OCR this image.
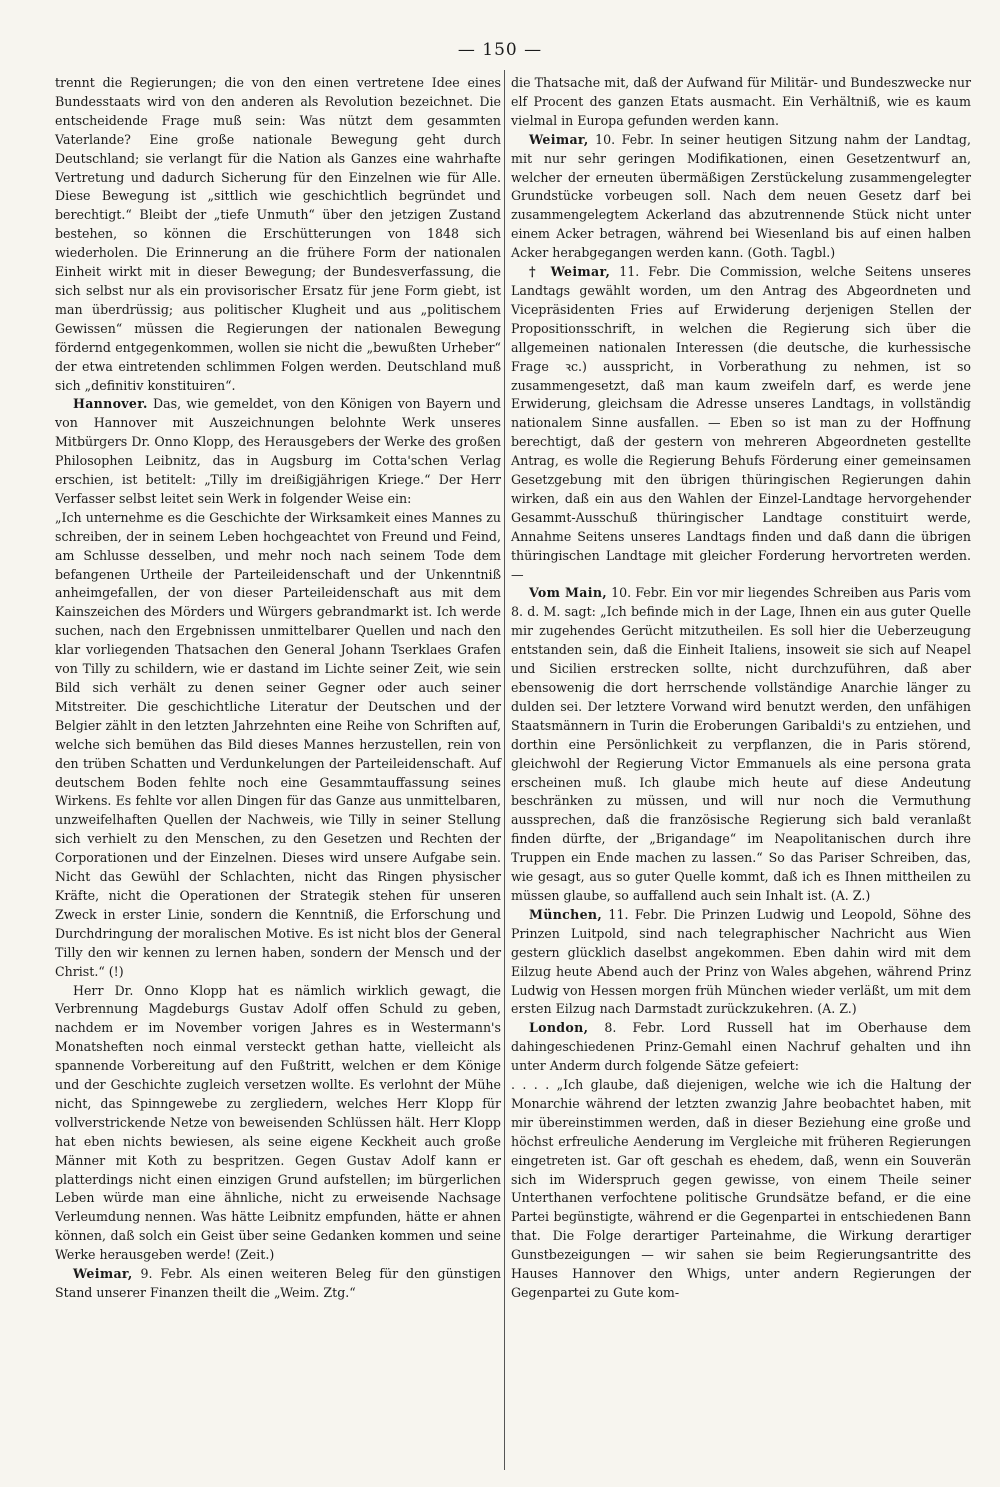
— 150 —

trennt die Regierungen; die von den einen vertretene Idee eines Bundesstaats wird von den anderen als Revolution bezeichnet. Die entscheidende Frage muß sein: Was nützt dem gesammten Vaterlande? Eine große nationale Bewegung geht durch Deutschland; sie verlangt für die Nation als Ganzes eine wahrhafte Vertretung und dadurch Sicherung für den Einzelnen wie für Alle. Diese Bewegung ist „sittlich wie geschichtlich begründet und berechtigt.“ Bleibt der „tiefe Unmuth“ über den jetzigen Zustand bestehen, so können die Erschütterungen von 1848 sich wiederholen. Die Erinnerung an die frühere Form der nationalen Einheit wirkt mit in dieser Bewegung; der Bundesverfassung, die sich selbst nur als ein provisorischer Ersatz für jene Form giebt, ist man überdrüssig; aus politischer Klugheit und aus „politischem Gewissen“ müssen die Regierungen der nationalen Bewegung fördernd entgegenkommen, wollen sie nicht die „bewußten Urheber“ der etwa eintretenden schlimmen Folgen werden. Deutschland muß sich „definitiv konstituiren“.

Hannover. Das, wie gemeldet, von den Königen von Bayern und von Hannover mit Auszeichnungen belohnte Werk unseres Mitbürgers Dr. Onno Klopp, des Herausgebers der Werke des großen Philosophen Leibnitz, das in Augsburg im Cotta'schen Verlag erschien, ist betitelt: „Tilly im dreißigjährigen Kriege.“ Der Herr Verfasser selbst leitet sein Werk in folgender Weise ein:

„Ich unternehme es die Geschichte der Wirksamkeit eines Mannes zu schreiben, der in seinem Leben hochgeachtet von Freund und Feind, am Schlusse desselben, und mehr noch nach seinem Tode dem befangenen Urtheile der Parteileidenschaft und der Unkenntniß anheimgefallen, der von dieser Parteileidenschaft aus mit dem Kainszeichen des Mörders und Würgers gebrandmarkt ist. Ich werde suchen, nach den Ergebnissen unmittelbarer Quellen und nach den klar vorliegenden Thatsachen den General Johann Tserklaes Grafen von Tilly zu schildern, wie er dastand im Lichte seiner Zeit, wie sein Bild sich verhält zu denen seiner Gegner oder auch seiner Mitstreiter. Die geschichtliche Literatur der Deutschen und der Belgier zählt in den letzten Jahrzehnten eine Reihe von Schriften auf, welche sich bemühen das Bild dieses Mannes herzustellen, rein von den trüben Schatten und Verdunkelungen der Parteileidenschaft. Auf deutschem Boden fehlte noch eine Gesammtauffassung seines Wirkens. Es fehlte vor allen Dingen für das Ganze aus unmittelbaren, unzweifelhaften Quellen der Nachweis, wie Tilly in seiner Stellung sich verhielt zu den Menschen, zu den Gesetzen und Rechten der Corporationen und der Einzelnen. Dieses wird unsere Aufgabe sein. Nicht das Gewühl der Schlachten, nicht das Ringen physischer Kräfte, nicht die Operationen der Strategik stehen für unseren Zweck in erster Linie, sondern die Kenntniß, die Erforschung und Durchdringung der moralischen Motive. Es ist nicht blos der General Tilly den wir kennen zu lernen haben, sondern der Mensch und der Christ.“ (!)

Herr Dr. Onno Klopp hat es nämlich wirklich gewagt, die Verbrennung Magdeburgs Gustav Adolf offen Schuld zu geben, nachdem er im November vorigen Jahres es in Westermann's Monatsheften noch einmal versteckt gethan hatte, vielleicht als spannende Vorbereitung auf den Fußtritt, welchen er dem Könige und der Geschichte zugleich versetzen wollte. Es verlohnt der Mühe nicht, das Spinngewebe zu zergliedern, welches Herr Klopp für vollverstrickende Netze von beweisenden Schlüssen hält. Herr Klopp hat eben nichts bewiesen, als seine eigene Keckheit auch große Männer mit Koth zu bespritzen. Gegen Gustav Adolf kann er platterdings nicht einen einzigen Grund aufstellen; im bürgerlichen Leben würde man eine ähnliche, nicht zu erweisende Nachsage Verleumdung nennen. Was hätte Leibnitz empfunden, hätte er ahnen können, daß solch ein Geist über seine Gedanken kommen und seine Werke herausgeben werde! (Zeit.)

Weimar, 9. Febr. Als einen weiteren Beleg für den günstigen Stand unserer Finanzen theilt die „Weim. Ztg.“

die Thatsache mit, daß der Aufwand für Militär- und Bundeszwecke nur elf Procent des ganzen Etats ausmacht. Ein Verhältniß, wie es kaum vielmal in Europa gefunden werden kann.

Weimar, 10. Febr. In seiner heutigen Sitzung nahm der Landtag, mit nur sehr geringen Modifikationen, einen Gesetzentwurf an, welcher der erneuten übermäßigen Zerstückelung zusammengelegter Grundstücke vorbeugen soll. Nach dem neuen Gesetz darf bei zusammengelegtem Ackerland das abzutrennende Stück nicht unter einem Acker betragen, während bei Wiesenland bis auf einen halben Acker herabgegangen werden kann. (Goth. Tagbl.)

† Weimar, 11. Febr. Die Commission, welche Seitens unseres Landtags gewählt worden, um den Antrag des Abgeordneten und Vicepräsidenten Fries auf Erwiderung derjenigen Stellen der Propositionsschrift, in welchen die Regierung sich über die allgemeinen nationalen Interessen (die deutsche, die kurhessische Frage ꝛc.) ausspricht, in Vorberathung zu nehmen, ist so zusammengesetzt, daß man kaum zweifeln darf, es werde jene Erwiderung, gleichsam die Adresse unseres Landtags, in vollständig nationalem Sinne ausfallen. — Eben so ist man zu der Hoffnung berechtigt, daß der gestern von mehreren Abgeordneten gestellte Antrag, es wolle die Regierung Behufs Förderung einer gemeinsamen Gesetzgebung mit den übrigen thüringischen Regierungen dahin wirken, daß ein aus den Wahlen der Einzel-Landtage hervorgehender Gesammt-Ausschuß thüringischer Landtage constituirt werde, Annahme Seitens unseres Landtags finden und daß dann die übrigen thüringischen Landtage mit gleicher Forderung hervortreten werden. —

Vom Main, 10. Febr. Ein vor mir liegendes Schreiben aus Paris vom 8. d. M. sagt: „Ich befinde mich in der Lage, Ihnen ein aus guter Quelle mir zugehendes Gerücht mitzutheilen. Es soll hier die Ueberzeugung entstanden sein, daß die Einheit Italiens, insoweit sie sich auf Neapel und Sicilien erstrecken sollte, nicht durchzuführen, daß aber ebensowenig die dort herrschende vollständige Anarchie länger zu dulden sei. Der letztere Vorwand wird benutzt werden, den unfähigen Staatsmännern in Turin die Eroberungen Garibaldi's zu entziehen, und dorthin eine Persönlichkeit zu verpflanzen, die in Paris störend, gleichwohl der Regierung Victor Emmanuels als eine persona grata erscheinen muß. Ich glaube mich heute auf diese Andeutung beschränken zu müssen, und will nur noch die Vermuthung aussprechen, daß die französische Regierung sich bald veranlaßt finden dürfte, der „Brigandage“ im Neapolitanischen durch ihre Truppen ein Ende machen zu lassen.“ So das Pariser Schreiben, das, wie gesagt, aus so guter Quelle kommt, daß ich es Ihnen mittheilen zu müssen glaube, so auffallend auch sein Inhalt ist. (A. Z.)

München, 11. Febr. Die Prinzen Ludwig und Leopold, Söhne des Prinzen Luitpold, sind nach telegraphischer Nachricht aus Wien gestern glücklich daselbst angekommen. Eben dahin wird mit dem Eilzug heute Abend auch der Prinz von Wales abgehen, während Prinz Ludwig von Hessen morgen früh München wieder verläßt, um mit dem ersten Eilzug nach Darmstadt zurückzukehren. (A. Z.)

London, 8. Febr. Lord Russell hat im Oberhause dem dahingeschiedenen Prinz-Gemahl einen Nachruf gehalten und ihn unter Anderm durch folgende Sätze gefeiert:

. . . . „Ich glaube, daß diejenigen, welche wie ich die Haltung der Monarchie während der letzten zwanzig Jahre beobachtet haben, mit mir übereinstimmen werden, daß in dieser Beziehung eine große und höchst erfreuliche Aenderung im Vergleiche mit früheren Regierungen eingetreten ist. Gar oft geschah es ehedem, daß, wenn ein Souverän sich im Widerspruch gegen gewisse, von einem Theile seiner Unterthanen verfochtene politische Grundsätze befand, er die eine Partei begünstigte, während er die Gegenpartei in entschiedenen Bann that. Die Folge derartiger Parteinahme, die Wirkung derartiger Gunstbezeigungen — wir sahen sie beim Regierungsantritte des Hauses Hannover den Whigs, unter andern Regierungen der Gegenpartei zu Gute kom-
